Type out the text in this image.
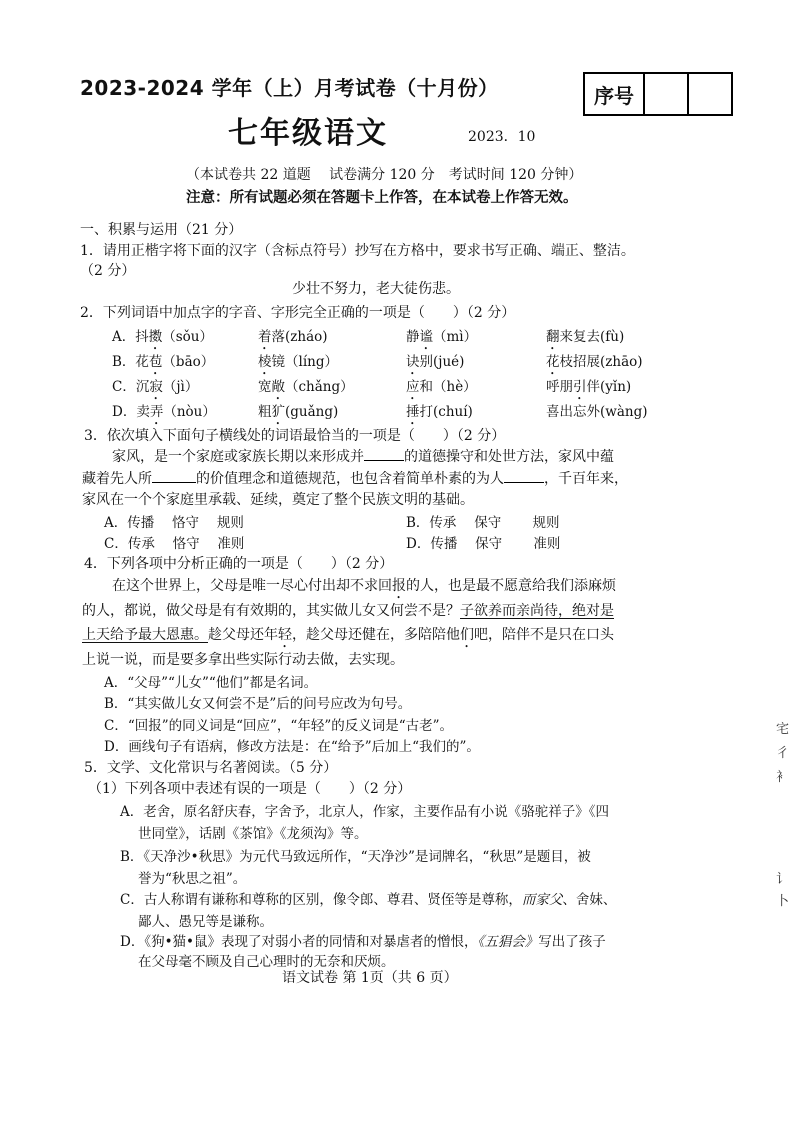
2023-2024 学年（上）月考试卷（十月份）	序号
七年级语文	2023．10
（本试卷共 22 道题　 试卷满分 120 分　考试时间 120 分钟）
注意：所有试题必须在答题卡上作答，在本试卷上作答无效。
一、积累与运用（21 分）
1．请用正楷字将下面的汉字（含标点符号）抄写在方格中，要求书写正确、端正、整洁。
（2 分）
少壮不努力，老大徒伤悲。
2．下列词语中加点字的字音、字形完全正确的一项是（　　）（2 分）
A．抖擞（sǒu）	着落(zháo)	静谧（mì）	翻来复去(fù)
B．花苞（bāo）	棱镜（líng）	诀别(jué)	花枝招展(zhāo)
C．沉寂（jì）	宽敞（chǎng）	应和（hè）	呼朋引伴(yǐn)
D．卖弄（nòu）	粗犷(guǎng)	捶打(chuí)	喜出忘外(wàng)
3．依次填入下面句子横线处的词语最恰当的一项是（　　）（2 分）
家风，是一个家庭或家族长期以来形成并	的道德操守和处世方法，家风中蕴
藏着先人所	的价值理念和道德规范，也包含着简单朴素的为人	，千百年来，
家风在一个个家庭里承载、延续，奠定了整个民族文明的基础。
A．传播　 恪守　 规则	B．传承　 保守　　 规则
C．传承　 恪守　 准则	D．传播　 保守　　 准则
4．下列各项中分析正确的一项是（　　）（2 分）
在这个世界上，父母是唯一尽心付出却不求回报的人，也是最不愿意给我们添麻烦
的人，都说，做父母是有有效期的，其实做儿女又何尝不是？子欲养而亲尚待，绝对是
上天给予最大恩惠。趁父母还年轻，趁父母还健在，多陪陪他们吧，陪伴不是只在口头
上说一说，而是要多拿出些实际行动去做，去实现。
A．“父母”“儿女”“他们”都是名词。
B．“其实做儿女又何尝不是”后的问号应改为句号。
C．“回报”的同义词是“回应”，“年轻”的反义词是“古老”。
D．画线句子有语病，修改方法是：在“给予”后加上“我们的”。
5．文学、文化常识与名著阅读。（5 分）
（1）下列各项中表述有误的一项是（　　）（2 分）
A．老舍，原名舒庆春，字舍予，北京人，作家，主要作品有小说《骆驼祥子》《四
世同堂》，话剧《茶馆》《龙须沟》等。
B．《天净沙•秋思》为元代马致远所作，“天净沙”是词牌名，“秋思”是题目，被
誉为“秋思之祖”。
C．古人称谓有谦称和尊称的区别，像令郎、尊君、贤侄等是尊称，而家父、舍妹、
鄙人、愚兄等是谦称。
D．《狗•猫•鼠》表现了对弱小者的同情和对暴虐者的憎恨，《五猖会》写出了孩子
在父母毫不顾及自己心理时的无奈和厌烦。
语文试卷 第 1页（共 6 页）
宅
彳
衤
讠
卜
